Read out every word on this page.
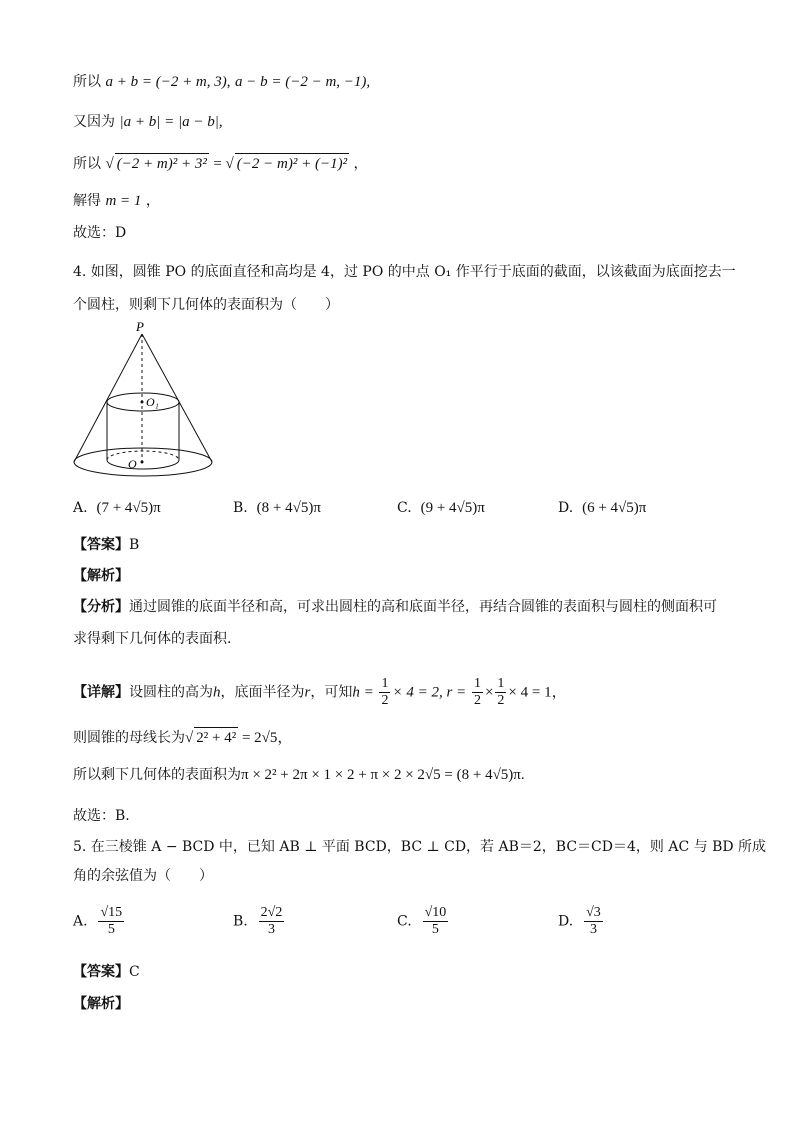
所以 a + b = (−2 + m, 3), a − b = (−2 − m, −1),
又因为 |a + b| = |a − b|,
所以 √ (−2 + m)² + 3² = √ (−2 − m)² + (−1)² ，
解得 m = 1 ，
故选：D
4. 如图，圆锥 PO 的底面直径和高均是 4，过 PO 的中点 O₁ 作平行于底面的截面，以该截面为底面挖去一
个圆柱，则剩下几何体的表面积为（　　）
P
O₁
O
A. (7 + 4√5)π	B. (8 + 4√5)π	C. (9 + 4√5)π	D. (6 + 4√5)π
【答案】B
【解析】
【分析】通过圆锥的底面半径和高，可求出圆柱的高和底面半径，再结合圆锥的表面积与圆柱的侧面积可
求得剩下几何体的表面积.
【详解】设圆柱的高为h，底面半径为r，可知$h = \frac{1}{2} \times 4 = 2$, $r = \frac{1}{2} \times \frac{1}{2} \times 4 = 1$，
则圆锥的母线长为√ 2² + 4² = 2√5，
所以剩下几何体的表面积为π × 2² + 2π × 1 × 2 + π × 2 × 2√5 = (8 + 4√5)π.
故选：B.
5. 在三棱锥 A − BCD 中，已知 AB ⊥ 平面 BCD，BC ⊥ CD，若 AB＝2，BC＝CD＝4，则 AC 与 BD 所成
角的余弦值为（　　）
A. $\frac{√15}{5}$	B. $\frac{2√2}{3}$	C. $\frac{√10}{5}$	D. $\frac{√3}{3}$
【答案】C
【解析】
